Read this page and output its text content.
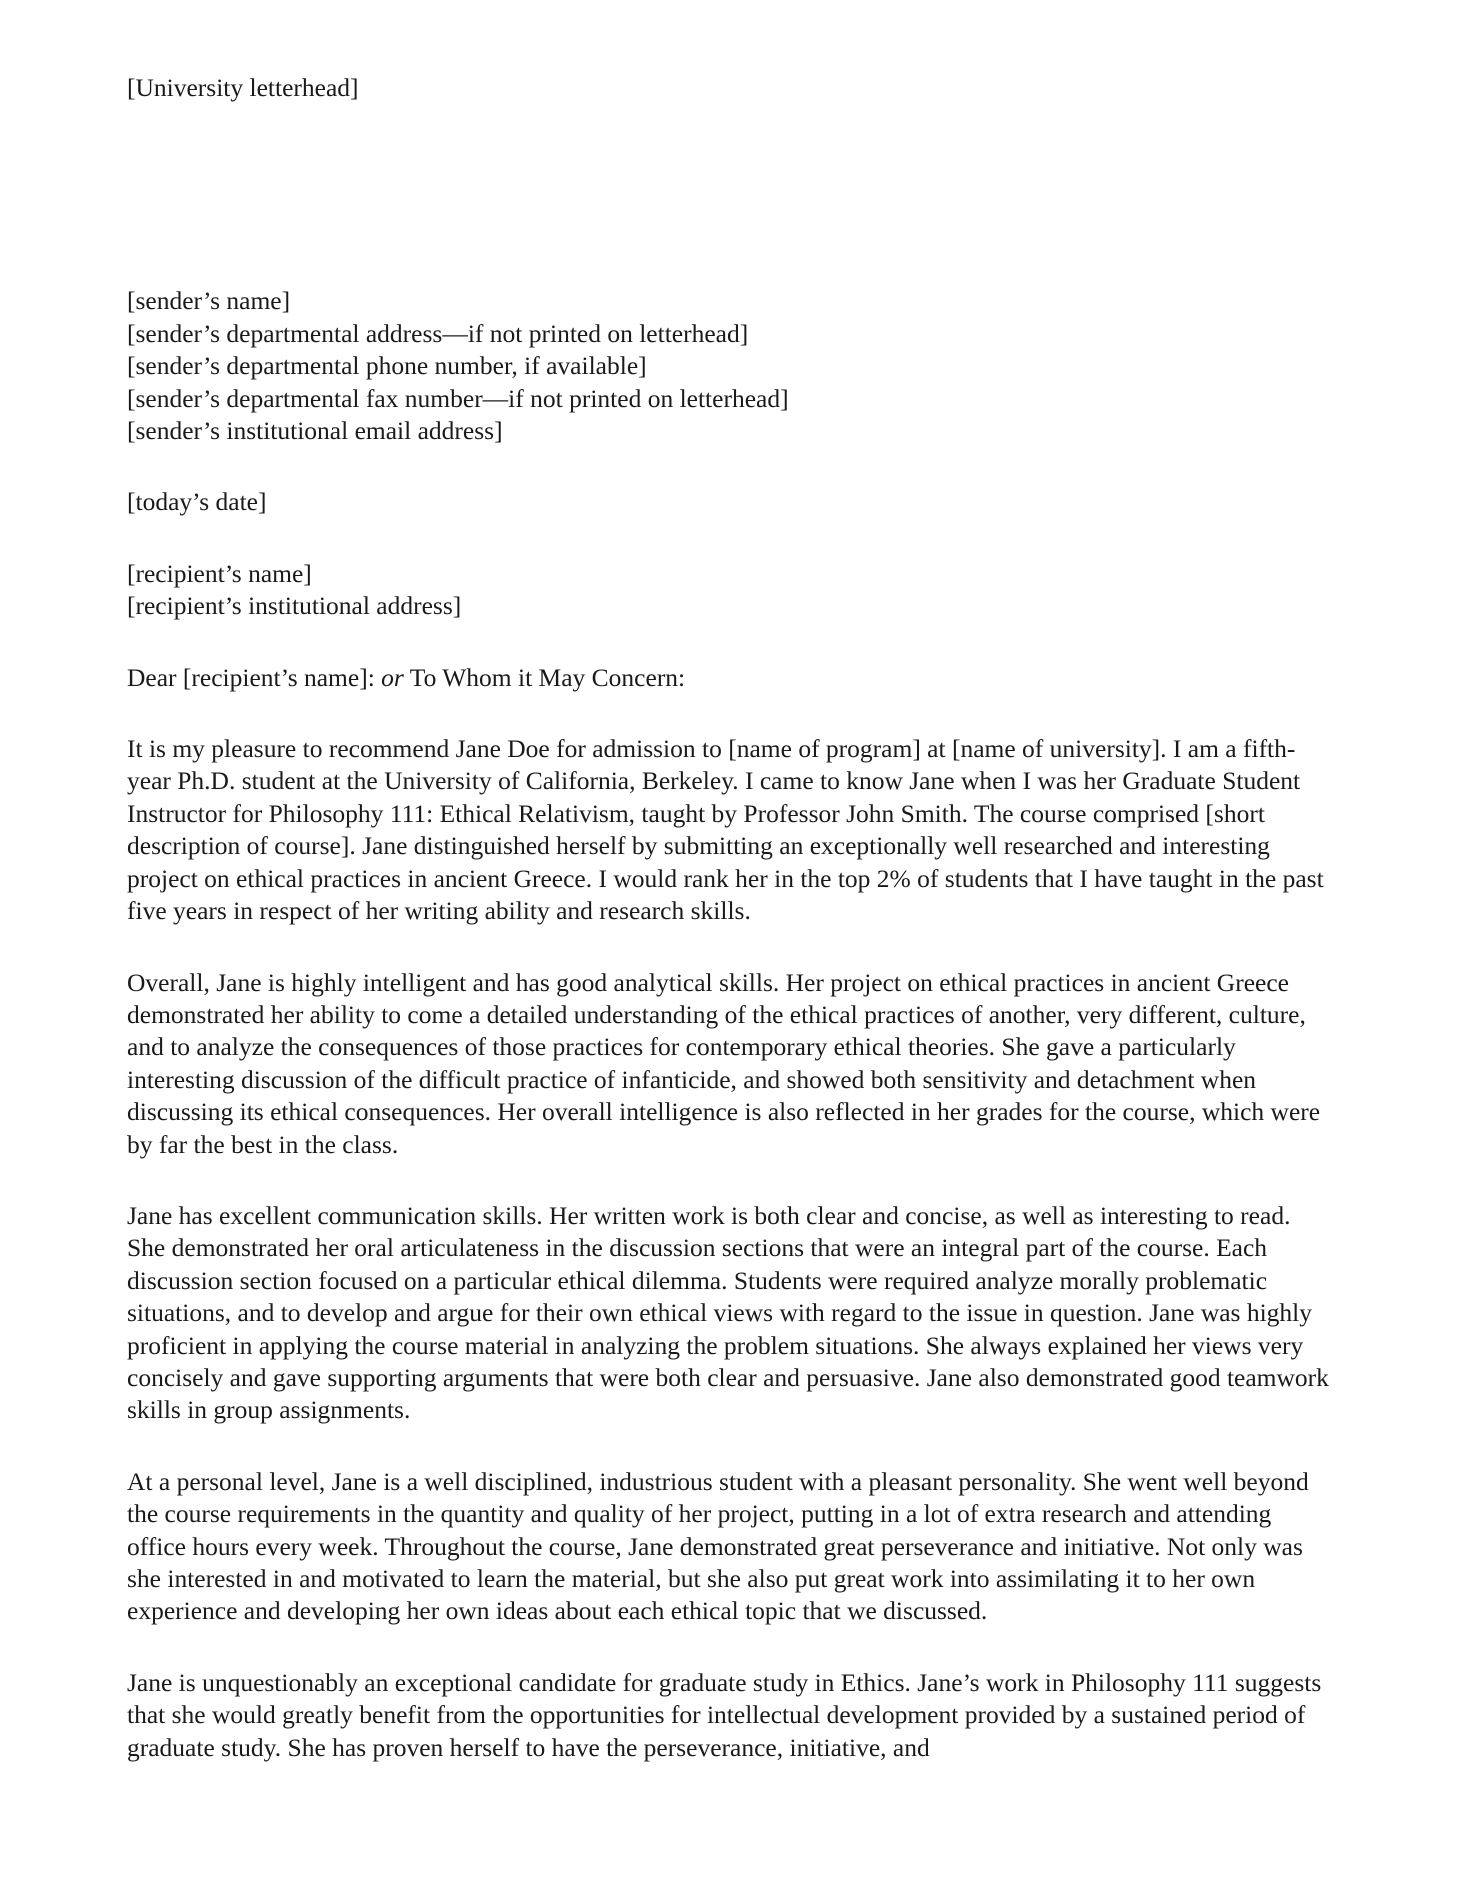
[University letterhead]
[sender’s name]
[sender’s departmental address—if not printed on letterhead]
[sender’s departmental phone number, if available]
[sender’s departmental fax number—if not printed on letterhead]
[sender’s institutional email address]
[today’s date]
[recipient’s name]
[recipient’s institutional address]
Dear [recipient’s name]: or To Whom it May Concern:

It is my pleasure to recommend Jane Doe for admission to [name of program] at [name of university]. I am a fifth-year Ph.D. student at the University of California, Berkeley. I came to know Jane when I was her Graduate Student Instructor for Philosophy 111: Ethical Relativism, taught by Professor John Smith. The course comprised [short description of course]. Jane distinguished herself by submitting an exceptionally well researched and interesting project on ethical practices in ancient Greece. I would rank her in the top 2% of students that I have taught in the past five years in respect of her writing ability and research skills.

Overall, Jane is highly intelligent and has good analytical skills. Her project on ethical practices in ancient Greece demonstrated her ability to come a detailed understanding of the ethical practices of another, very different, culture, and to analyze the consequences of those practices for contemporary ethical theories. She gave a particularly interesting discussion of the difficult practice of infanticide, and showed both sensitivity and detachment when discussing its ethical consequences. Her overall intelligence is also reflected in her grades for the course, which were by far the best in the class.

Jane has excellent communication skills. Her written work is both clear and concise, as well as interesting to read. She demonstrated her oral articulateness in the discussion sections that were an integral part of the course. Each discussion section focused on a particular ethical dilemma. Students were required analyze morally problematic situations, and to develop and argue for their own ethical views with regard to the issue in question. Jane was highly proficient in applying the course material in analyzing the problem situations. She always explained her views very concisely and gave supporting arguments that were both clear and persuasive. Jane also demonstrated good teamwork skills in group assignments.

At a personal level, Jane is a well disciplined, industrious student with a pleasant personality. She went well beyond the course requirements in the quantity and quality of her project, putting in a lot of extra research and attending office hours every week. Throughout the course, Jane demonstrated great perseverance and initiative. Not only was she interested in and motivated to learn the material, but she also put great work into assimilating it to her own experience and developing her own ideas about each ethical topic that we discussed.

Jane is unquestionably an exceptional candidate for graduate study in Ethics. Jane’s work in Philosophy 111 suggests that she would greatly benefit from the opportunities for intellectual development provided by a sustained period of graduate study. She has proven herself to have the perseverance, initiative, and
